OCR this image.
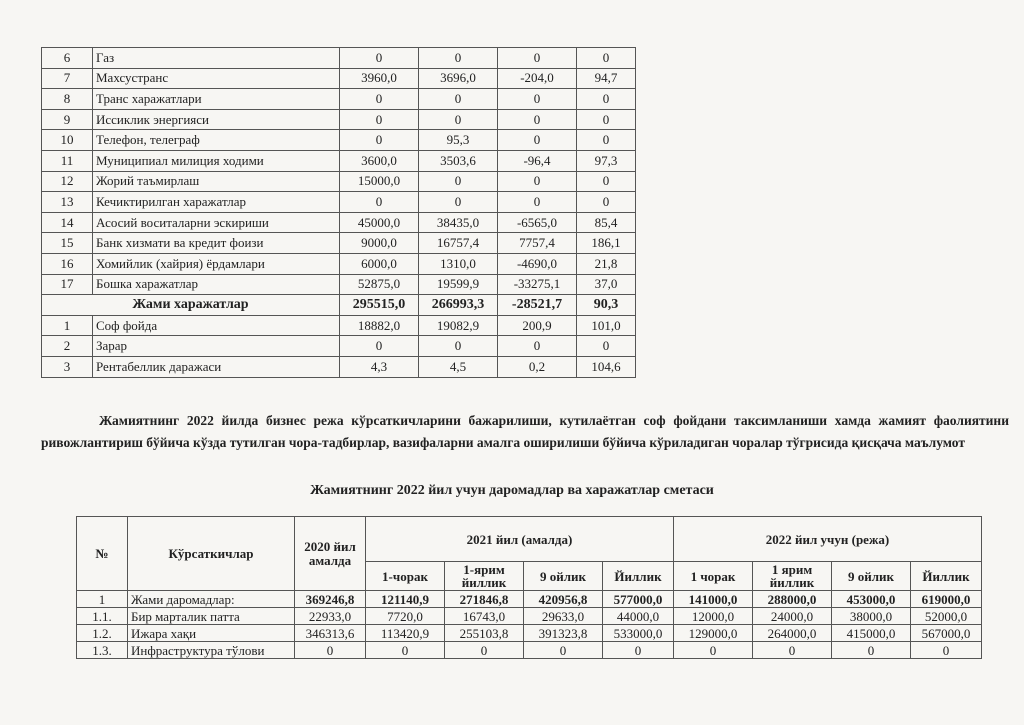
6	Газ	0	0	0	0
7	Махсустранс	3960,0	3696,0	-204,0	94,7
8	Транс харажатлари	0	0	0	0
9	Иссиклик энергияси	0	0	0	0
10	Телефон, телеграф	0	95,3	0	0
11	Муниципиал милиция ходими	3600,0	3503,6	-96,4	97,3
12	Жорий таъмирлаш	15000,0	0	0	0
13	Кечиктирилган харажатлар	0	0	0	0
14	Асосий воситаларни эскириши	45000,0	38435,0	-6565,0	85,4
15	Банк хизмати ва кредит фоизи	9000,0	16757,4	7757,4	186,1
16	Хомийлик (хайрия) ёрдамлари	6000,0	1310,0	-4690,0	21,8
17	Бошка харажатлар	52875,0	19599,9	-33275,1	37,0
Жами харажатлар		295515,0	266993,3	-28521,7	90,3
1	Соф фойда	18882,0	19082,9	200,9	101,0
2	Зарар	0	0	0	0
3	Рентабеллик даражаси	4,3	4,5	0,2	104,6

Жамиятнинг 2022 йилда бизнес режа кўрсаткичларини бажарилиши, кутилаётган соф фойдани таксимланиши хамда жамият фаолиятини ривожлантириш бўйича кўзда тутилган чора-тадбирлар, вазифаларни амалга оширилиши бўйича кўриладиган чоралар тўгрисида қисқача маълумот

Жамиятнинг 2022 йил учун даромадлар ва харажатлар сметаси

№	Кўрсаткичлар	2020 йил амалда	2021 йил (амалда)				2022 йил учун (режа)			
			1-чорак	1-ярим йиллик	9 ойлик	Йиллик	1 чорак	1 ярим йиллик	9 ойлик	Йиллик
1	Жами даромадлар:	369246,8	121140,9	271846,8	420956,8	577000,0	141000,0	288000,0	453000,0	619000,0
1.1.	Бир марталик патта	22933,0	7720,0	16743,0	29633,0	44000,0	12000,0	24000,0	38000,0	52000,0
1.2.	Ижара хақи	346313,6	113420,9	255103,8	391323,8	533000,0	129000,0	264000,0	415000,0	567000,0
1.3.	Инфраструктура тўлови	0	0	0	0	0	0	0	0	0
